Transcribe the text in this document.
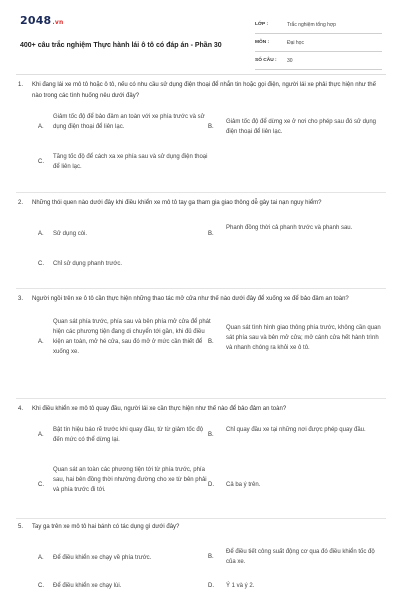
2048.vn
400+ câu trắc nghiệm Thực hành lái ô tô có đáp án - Phần 30
LỚP :	Trắc nghiệm tổng hợp
MÔN :	Đại học
SỐ CÂU :	30
1. Khi đang lái xe mô tô hoặc ô tô, nếu có nhu cầu sử dụng điện thoại để nhắn tin hoặc gọi điện, người lái xe phải thực hiện như thế nào trong các tình huống nêu dưới đây?
A.
Giảm tốc độ để bảo đảm an toàn với xe phía trước và sử dụng điện thoại để liên lạc.	B.
Giảm tốc độ để dừng xe ở nơi cho phép sau đó sử dụng điện thoại để liên lạc.
C.
Tăng tốc độ để cách xa xe phía sau và sử dụng điện thoại để liên lạc.
2. Những thói quen nào dưới đây khi điều khiển xe mô tô tay ga tham gia giao thông dễ gây tai nạn nguy hiểm?
A. Sử dụng còi.	B.
Phanh đồng thời cả phanh trước và phanh sau.
C. Chỉ sử dụng phanh trước.
3. Người ngồi trên xe ô tô cần thực hiện những thao tác mở cửa như thế nào dưới đây để xuống xe để bảo đảm an toàn?
A.
Quan sát phía trước, phía sau và bên phía mở cửa để phát hiện các phương tiện đang di chuyển tới gần, khi đủ điều kiện an toàn, mở hé cửa, sau đó mở ở mức cần thiết để xuống xe.
B.
Quan sát tình hình giao thông phía trước, không cần quan sát phía sau và bên mở cửa; mở cánh cửa hết hành trình và nhanh chóng ra khỏi xe ô tô.
4. Khi điều khiển xe mô tô quay đầu, người lái xe cần thực hiện như thế nào để bảo đảm an toàn?
A.
Bật tín hiệu báo rẽ trước khi quay đầu, từ từ giảm tốc độ đến mức có thể dừng lại.
B.
Chỉ quay đầu xe tại những nơi được phép quay đầu.
C.
Quan sát an toàn các phương tiện tới từ phía trước, phía sau, hai bên đồng thời nhường đường cho xe từ bên phải và phía trước đi tới.
D. Cả ba ý trên.
5. Tay ga trên xe mô tô hai bánh có tác dụng gì dưới đây?
A. Để điều khiển xe chạy về phía trước.	B.
Để điều tiết công suất động cơ qua đó điều khiển tốc độ của xe.
C. Để điều khiển xe chạy lùi.	D. Ý 1 và ý 2.
